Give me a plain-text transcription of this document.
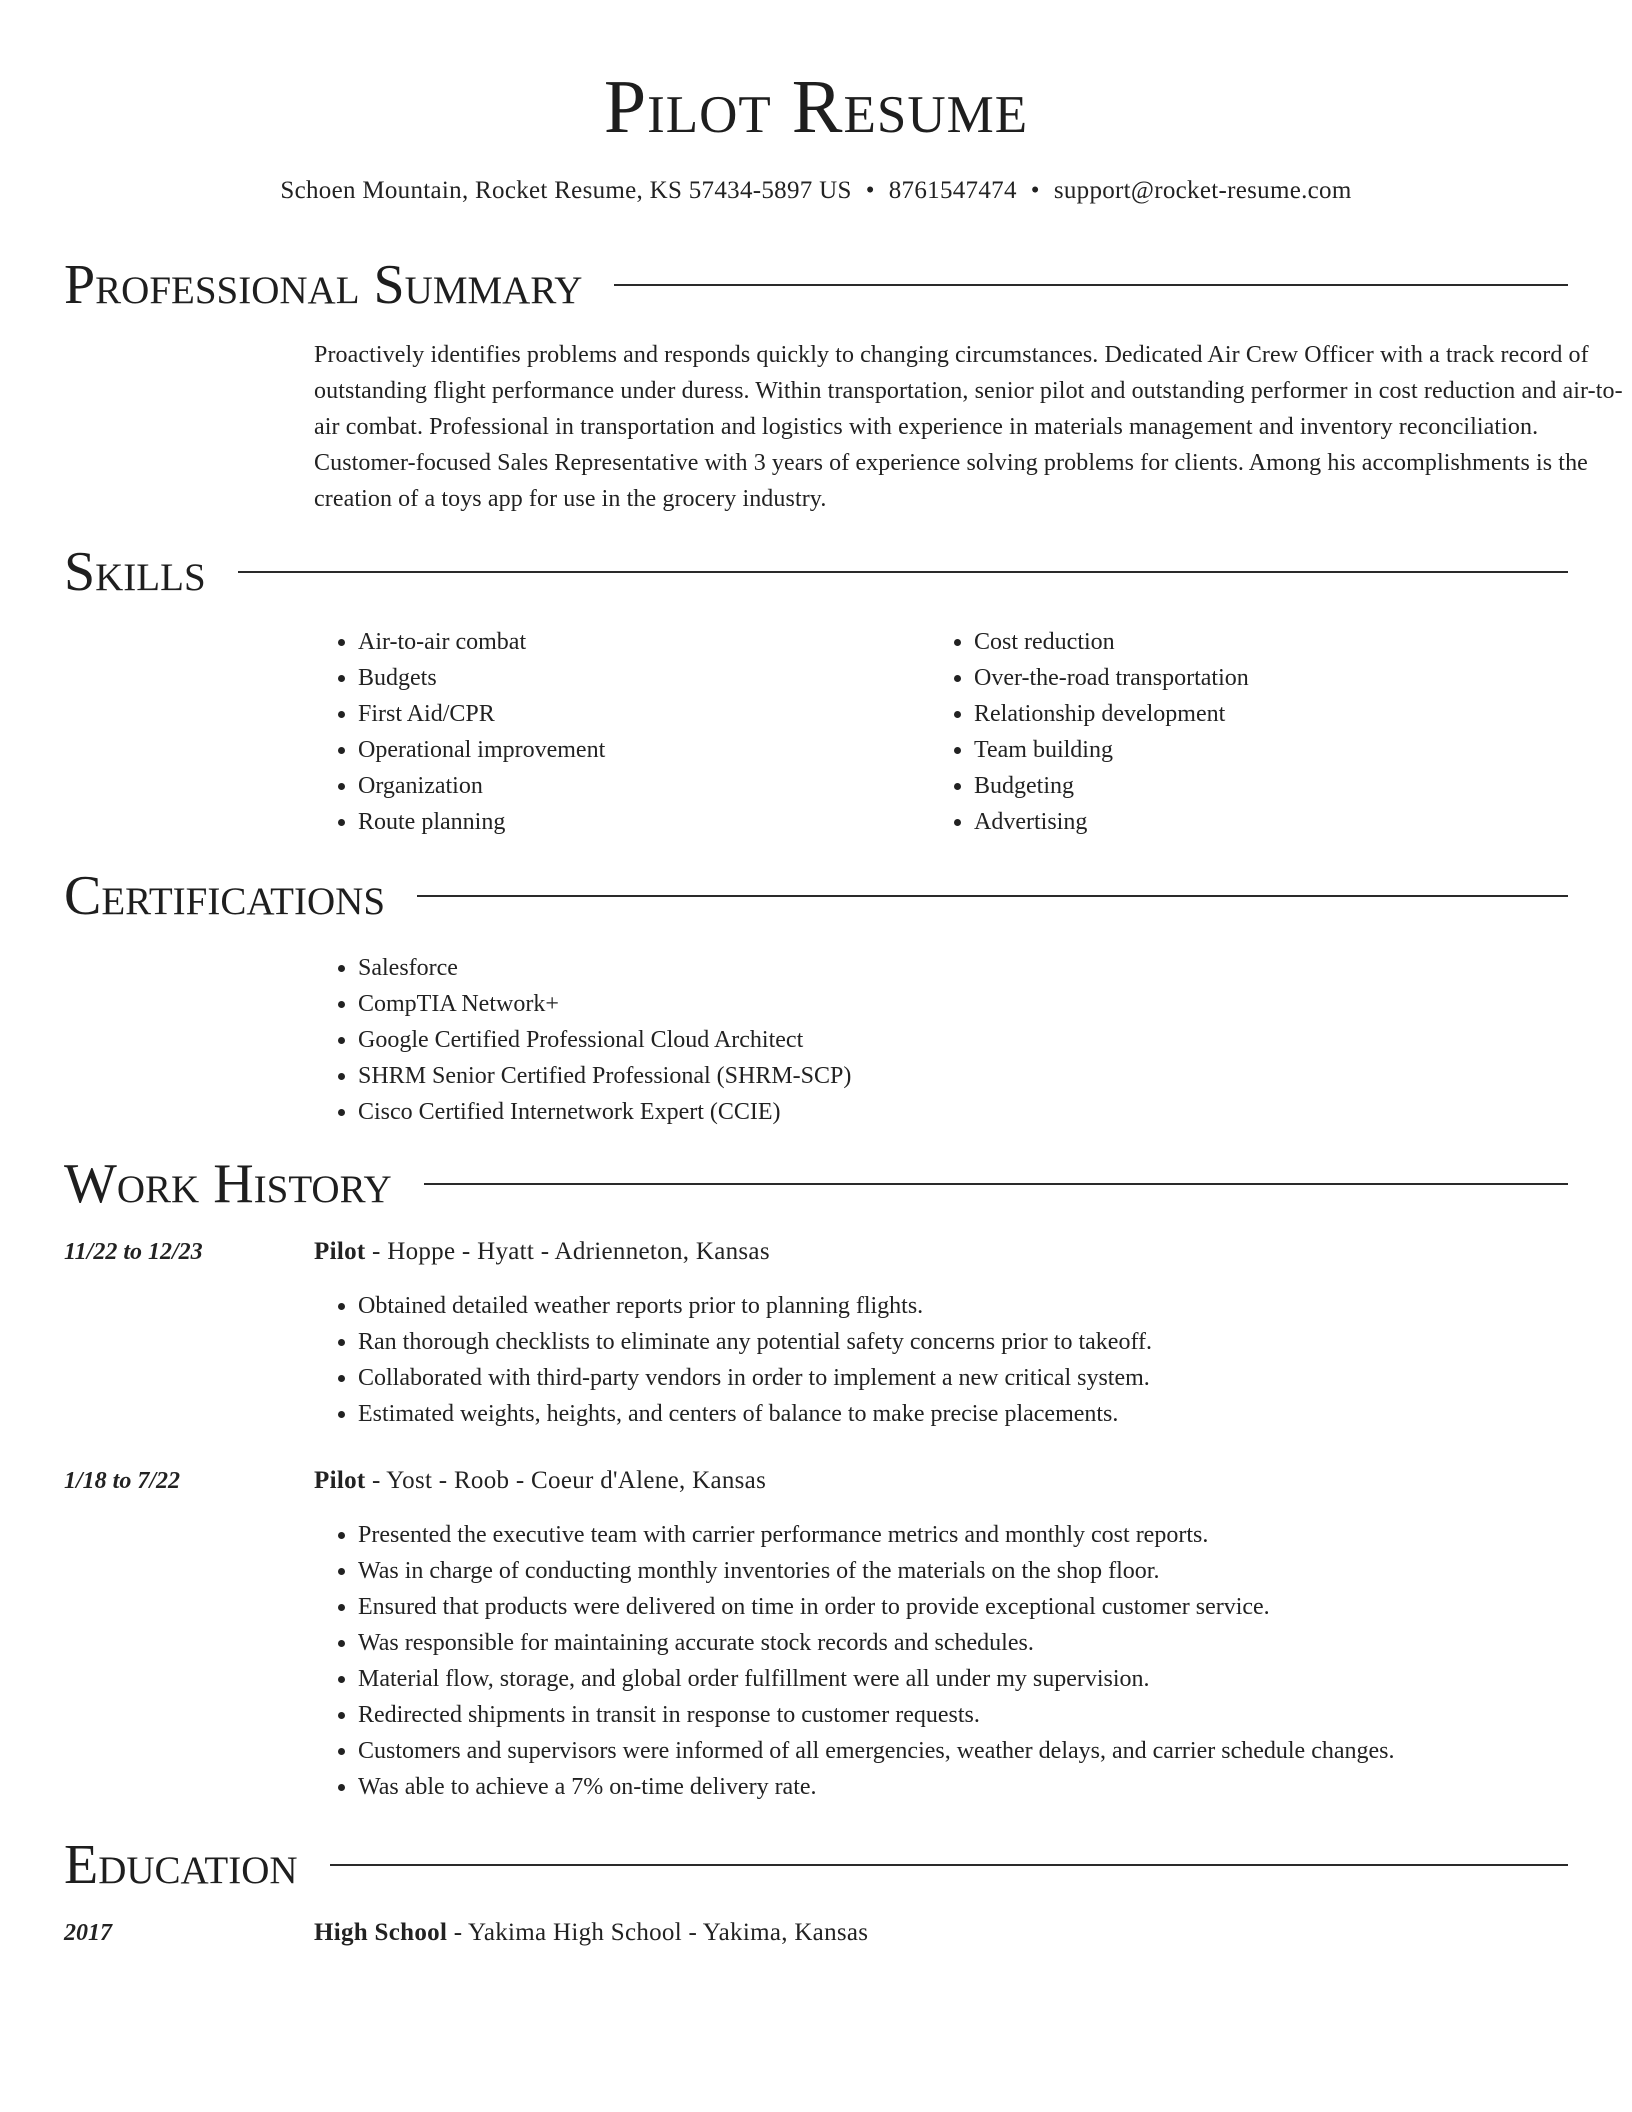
Pilot Resume
Schoen Mountain, Rocket Resume, KS 57434-5897 US • 8761547474 • support@rocket-resume.com
Professional Summary
Proactively identifies problems and responds quickly to changing circumstances. Dedicated Air Crew Officer with a track record of outstanding flight performance under duress. Within transportation, senior pilot and outstanding performer in cost reduction and air-to-air combat. Professional in transportation and logistics with experience in materials management and inventory reconciliation. Customer-focused Sales Representative with 3 years of experience solving problems for clients. Among his accomplishments is the creation of a toys app for use in the grocery industry.
Skills
• Air-to-air combat
• Budgets
• First Aid/CPR
• Operational improvement
• Organization
• Route planning
• Cost reduction
• Over-the-road transportation
• Relationship development
• Team building
• Budgeting
• Advertising
Certifications
• Salesforce
• CompTIA Network+
• Google Certified Professional Cloud Architect
• SHRM Senior Certified Professional (SHRM-SCP)
• Cisco Certified Internetwork Expert (CCIE)
Work History
11/22 to 12/23	Pilot - Hoppe - Hyatt - Adrienneton, Kansas
• Obtained detailed weather reports prior to planning flights.
• Ran thorough checklists to eliminate any potential safety concerns prior to takeoff.
• Collaborated with third-party vendors in order to implement a new critical system.
• Estimated weights, heights, and centers of balance to make precise placements.
1/18 to 7/22	Pilot - Yost - Roob - Coeur d'Alene, Kansas
• Presented the executive team with carrier performance metrics and monthly cost reports.
• Was in charge of conducting monthly inventories of the materials on the shop floor.
• Ensured that products were delivered on time in order to provide exceptional customer service.
• Was responsible for maintaining accurate stock records and schedules.
• Material flow, storage, and global order fulfillment were all under my supervision.
• Redirected shipments in transit in response to customer requests.
• Customers and supervisors were informed of all emergencies, weather delays, and carrier schedule changes.
• Was able to achieve a 7% on-time delivery rate.
Education
2017	High School - Yakima High School - Yakima, Kansas
